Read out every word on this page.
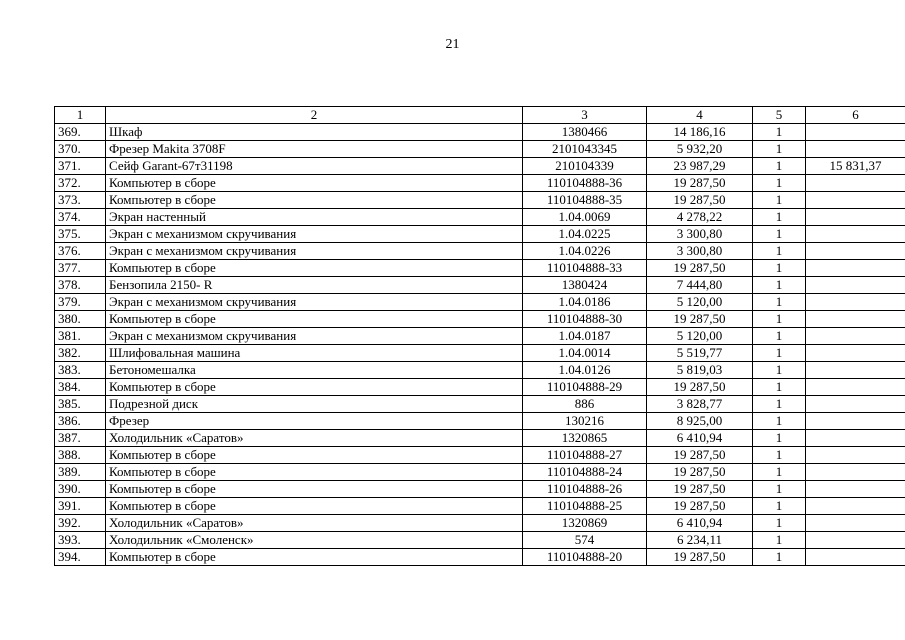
21
1	2	3	4	5	6
369.	Шкаф	1380466	14 186,16	1	
370.	Фрезер Makita 3708F	2101043345	5 932,20	1	
371.	Сейф Garant-67т31198	210104339	23 987,29	1	15 831,37
372.	Компьютер в сборе	110104888-36	19 287,50	1	
373.	Компьютер в сборе	110104888-35	19 287,50	1	
374.	Экран настенный	1.04.0069	4 278,22	1	
375.	Экран с механизмом скручивания	1.04.0225	3 300,80	1	
376.	Экран с механизмом скручивания	1.04.0226	3 300,80	1	
377.	Компьютер в сборе	110104888-33	19 287,50	1	
378.	Бензопила 2150- R	1380424	7 444,80	1	
379.	Экран с механизмом скручивания	1.04.0186	5 120,00	1	
380.	Компьютер в сборе	110104888-30	19 287,50	1	
381.	Экран с механизмом скручивания	1.04.0187	5 120,00	1	
382.	Шлифовальная машина	1.04.0014	5 519,77	1	
383.	Бетономешалка	1.04.0126	5 819,03	1	
384.	Компьютер в сборе	110104888-29	19 287,50	1	
385.	Подрезной диск	886	3 828,77	1	
386.	Фрезер	130216	8 925,00	1	
387.	Холодильник «Саратов»	1320865	6 410,94	1	
388.	Компьютер в сборе	110104888-27	19 287,50	1	
389.	Компьютер в сборе	110104888-24	19 287,50	1	
390.	Компьютер в сборе	110104888-26	19 287,50	1	
391.	Компьютер в сборе	110104888-25	19 287,50	1	
392.	Холодильник «Саратов»	1320869	6 410,94	1	
393.	Холодильник «Смоленск»	574	6 234,11	1	
394.	Компьютер в сборе	110104888-20	19 287,50	1	
